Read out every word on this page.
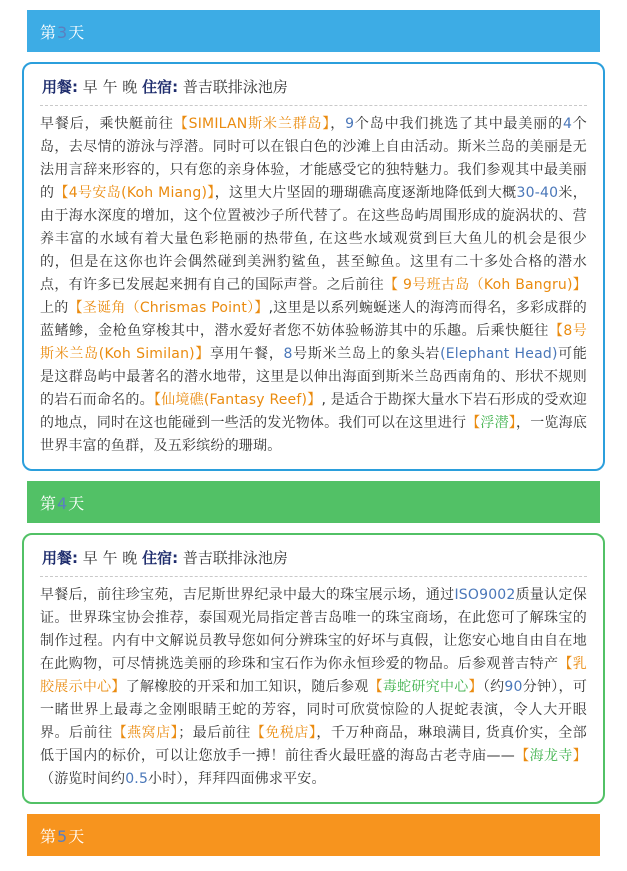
第3天
用餐: 早 午 晚 住宿: 普吉联排泳池房
早餐后，乘快艇前往【SIMILAN斯米兰群岛】，9个岛中我们挑选了其中最美丽的4个岛，去尽情的游泳与浮潜。同时可以在银白色的沙滩上自由活动。斯米兰岛的美丽是无法用言辞来形容的，只有您的亲身体验，才能感受它的独特魅力。我们参观其中最美丽的【4号安岛(Koh Miang)】，这里大片坚固的珊瑚礁高度逐渐地降低到大概30-40米，由于海水深度的增加，这个位置被沙子所代替了。在这些岛屿周围形成的旋涡状的、营养丰富的水域有着大量色彩艳丽的热带鱼, 在这些水域观赏到巨大鱼儿的机会是很少的，但是在这你也许会偶然碰到美洲豹鲨鱼，甚至鲸鱼。这里有二十多处合格的潜水点，有许多已发展起来拥有自己的国际声誉。之后前往【 9号班古岛（Koh Bangru)】上的【圣诞角（Chrismas Point）】,这里是以系列蜿蜒迷人的海湾而得名，多彩成群的蓝鳍鲹，金枪鱼穿梭其中，潜水爱好者您不妨体验畅游其中的乐趣。后乘快艇往【8号斯米兰岛(Koh Similan)】享用午餐，8号斯米兰岛上的象头岩(Elephant Head)可能是这群岛屿中最著名的潜水地带，这里是以伸出海面到斯米兰岛西南角的、形状不规则的岩石而命名的。【仙境礁(Fantasy Reef)】, 是适合于勘探大量水下岩石形成的受欢迎的地点，同时在这也能碰到一些活的发光物体。我们可以在这里进行【浮潜】，一览海底世界丰富的鱼群，及五彩缤纷的珊瑚。
第4天
用餐: 早 午 晚 住宿: 普吉联排泳池房
早餐后，前往珍宝苑，吉尼斯世界纪录中最大的珠宝展示场，通过ISO9002质量认定保证。世界珠宝协会推荐，泰国观光局指定普吉岛唯一的珠宝商场，在此您可了解珠宝的制作过程。内有中文解说员教导您如何分辨珠宝的好坏与真假，让您安心地自由自在地在此购物，可尽情挑选美丽的珍珠和宝石作为你永恒珍爱的物品。后参观普吉特产【乳胶展示中心】了解橡胶的开采和加工知识，随后参观【毒蛇研究中心】（约90分钟），可一睹世界上最毒之金刚眼睛王蛇的芳容，同时可欣赏惊险的人捉蛇表演，令人大开眼界。后前往【燕窝店】；最后前往【免税店】，千万种商品，琳琅满目, 货真价实，全部低于国内的标价，可以让您放手一搏！前往香火最旺盛的海岛古老寺庙——【海龙寺】（游览时间约0.5小时），拜拜四面佛求平安。
第5天
